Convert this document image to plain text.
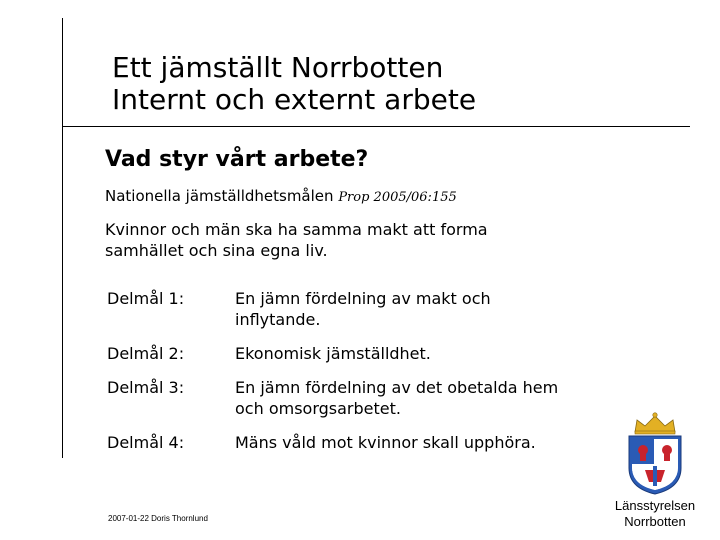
Ett jämställt Norrbotten
Internt och externt arbete
Vad styr vårt arbete?
Nationella jämställdhetsmålen Prop 2005/06:155
Kvinnor och män ska ha samma makt att forma
samhället och sina egna liv.
Delmål 1:	En jämn fördelning av makt och
inflytande.
Delmål 2:	Ekonomisk jämställdhet.
Delmål 3:	En jämn fördelning av det obetalda hem
och omsorgsarbetet.
Delmål 4:	Mäns våld mot kvinnor skall upphöra.
2007-01-22 Doris Thornlund
Länsstyrelsen
Norrbotten
